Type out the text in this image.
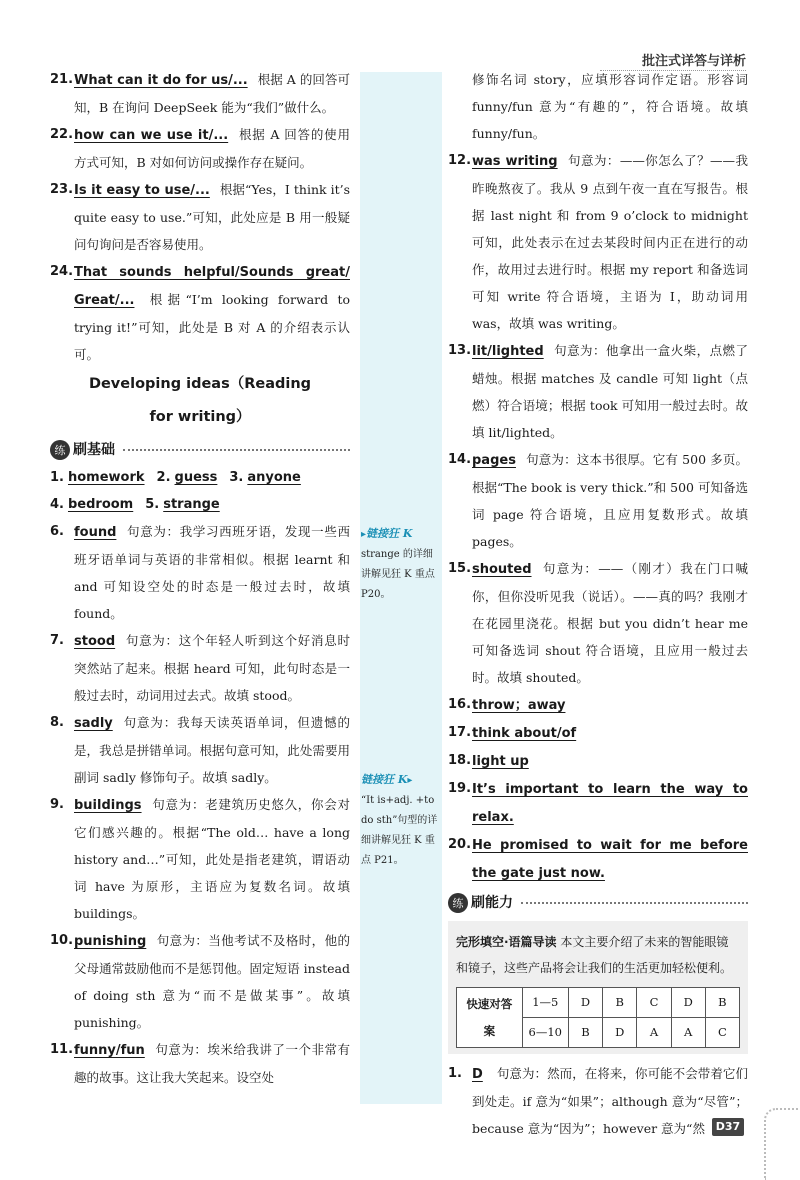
批注式详答与详析
21. What can it do for us/... 根据 A 的回答可知，B 在询问 DeepSeek 能为“我们”做什么。
22. how can we use it/... 根据 A 回答的使用方式可知，B 对如何访问或操作存在疑问。
23. Is it easy to use/... 根据“Yes，I think it’s quite easy to use.”可知，此处应是 B 用一般疑问句询问是否容易使用。
24. That sounds helpful/Sounds great/ Great/... 根据“I’m looking forward to trying it!”可知，此处是 B 对 A 的介绍表示认可。
Developing ideas（Reading
for writing）
练 刷基础
1. homework 2. guess 3. anyone
4. bedroom 5. strange
6. found 句意为：我学习西班牙语，发现一些西班牙语单词与英语的非常相似。根据 learnt 和 and 可知设空处的时态是一般过去时，故填 found。
7. stood 句意为：这个年轻人听到这个好消息时突然站了起来。根据 heard 可知，此句时态是一般过去时，动词用过去式。故填 stood。
8. sadly 句意为：我每天读英语单词，但遗憾的是，我总是拼错单词。根据句意可知，此处需要用副词 sadly 修饰句子。故填 sadly。
9. buildings 句意为：老建筑历史悠久，你会对它们感兴趣的。根据“The old… have a long history and…”可知，此处是指老建筑，谓语动词 have 为原形，主语应为复数名词。故填 buildings。
10. punishing 句意为：当他考试不及格时，他的父母通常鼓励他而不是惩罚他。固定短语 instead of doing sth 意为“而不是做某事”。故填 punishing。
11. funny/fun 句意为：埃米给我讲了一个非常有趣的故事。这让我大笑起来。设空处
▸链接狂 K
strange 的详细讲解见狂 K 重点 P20。
链接狂 K▸
“It is+adj. +to do sth”句型的详细讲解见狂 K 重点 P21。
修饰名词 story，应填形容词作定语。形容词 funny/fun 意为“有趣的”，符合语境。故填 funny/fun。
12. was writing 句意为：——你怎么了？——我昨晚熬夜了。我从 9 点到午夜一直在写报告。根据 last night 和 from 9 o’clock to midnight 可知，此处表示在过去某段时间内正在进行的动作，故用过去进行时。根据 my report 和备选词可知 write 符合语境，主语为 I，助动词用 was，故填 was writing。
13. lit/lighted 句意为：他拿出一盒火柴，点燃了蜡烛。根据 matches 及 candle 可知 light（点燃）符合语境；根据 took 可知用一般过去时。故填 lit/lighted。
14. pages 句意为：这本书很厚。它有 500 多页。根据“The book is very thick.”和 500 可知备选词 page 符合语境，且应用复数形式。故填 pages。
15. shouted 句意为：——（刚才）我在门口喊你，但你没听见我（说话）。——真的吗？我刚才在花园里浇花。根据 but you didn’t hear me 可知备选词 shout 符合语境，且应用一般过去时。故填 shouted。
16. throw；away
17. think about/of
18. light up
19. It’s important to learn the way to relax.
20. He promised to wait for me before the gate just now.
练 刷能力
完形填空·语篇导读 本文主要介绍了未来的智能眼镜和镜子，这些产品将会让我们的生活更加轻松便利。
快速对答案	1—5	D	B	C	D	B
	6—10	B	D	A	A	C
1. D 句意为：然而，在将来，你可能不会带着它们到处走。if 意为“如果”；although 意为“尽管”；because 意为“因为”；however 意为“然 D37
